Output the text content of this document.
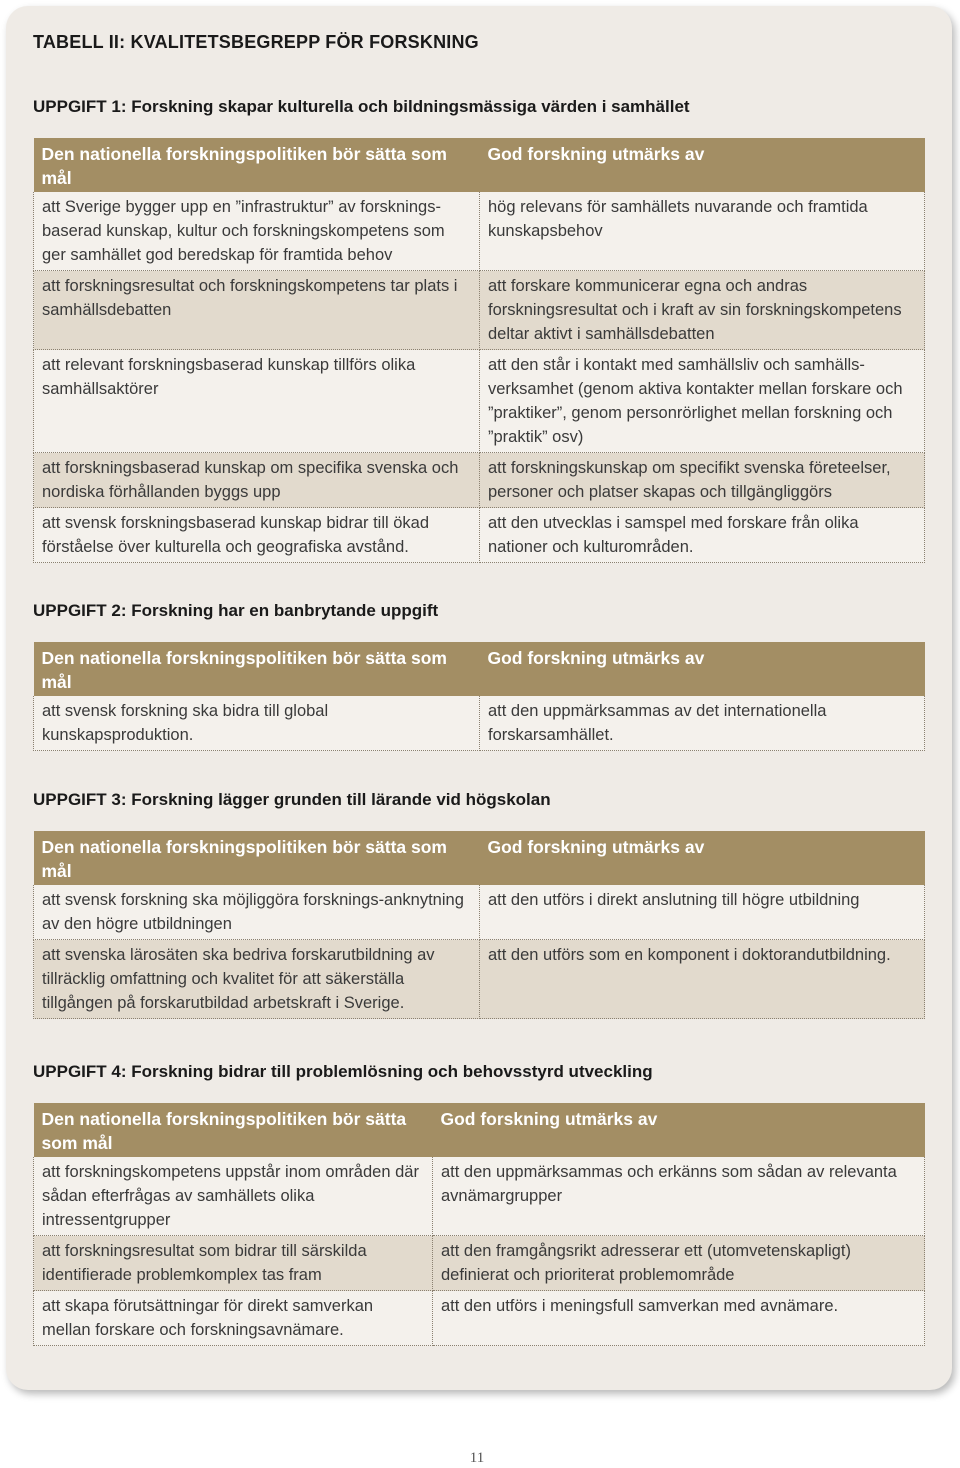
TABELL II: KVALITETSBEGREPP FÖR FORSKNING
UPPGIFT 1: Forskning skapar kulturella och bildningsmässiga värden i samhället
Den nationella forskningspolitiken bör sätta som mål	God forskning utmärks av
att Sverige bygger upp en ”infrastruktur” av forsknings-baserad kunskap, kultur och forskningskompetens som ger samhället god beredskap för framtida behov	hög relevans för samhällets nuvarande och framtida kunskapsbehov
att forskningsresultat och forskningskompetens tar plats i samhällsdebatten	att forskare kommunicerar egna och andras forskningsresultat och i kraft av sin forskningskompetens deltar aktivt i samhällsdebatten
att relevant forskningsbaserad kunskap tillförs olika samhällsaktörer	att den står i kontakt med samhällsliv och samhälls-verksamhet (genom aktiva kontakter mellan forskare och ”praktiker”, genom personrörlighet mellan forskning och ”praktik” osv)
att forskningsbaserad kunskap om specifika svenska och nordiska förhållanden byggs upp	att forskningskunskap om specifikt svenska företeelser, personer och platser skapas och tillgängliggörs
att svensk forskningsbaserad kunskap bidrar till ökad förståelse över kulturella och geografiska avstånd.	att den utvecklas i samspel med forskare från olika nationer och kulturområden.
UPPGIFT 2: Forskning har en banbrytande uppgift
Den nationella forskningspolitiken bör sätta som mål	God forskning utmärks av
att svensk forskning ska bidra till global kunskapsproduktion.	att den uppmärksammas av det internationella forskarsamhället.
UPPGIFT 3: Forskning lägger grunden till lärande vid högskolan
Den nationella forskningspolitiken bör sätta som mål	God forskning utmärks av
att svensk forskning ska möjliggöra forsknings-anknytning av den högre utbildningen	att den utförs i direkt anslutning till högre utbildning
att svenska lärosäten ska bedriva forskarutbildning av tillräcklig omfattning och kvalitet för att säkerställa tillgången på forskarutbildad arbetskraft i Sverige.	att den utförs som en komponent i doktorandutbildning.
UPPGIFT 4: Forskning bidrar till problemlösning och behovsstyrd utveckling
Den nationella forskningspolitiken bör sätta som mål	God forskning utmärks av
att forskningskompetens uppstår inom områden där sådan efterfrågas av samhällets olika intressentgrupper	att den uppmärksammas och erkänns som sådan av relevanta avnämargrupper
att forskningsresultat som bidrar till särskilda identifierade problemkomplex tas fram	att den framgångsrikt adresserar ett (utomvetenskapligt) definierat och prioriterat problemområde
att skapa förutsättningar för direkt samverkan mellan forskare och forskningsavnämare.	att den utförs i meningsfull samverkan med avnämare.
11
